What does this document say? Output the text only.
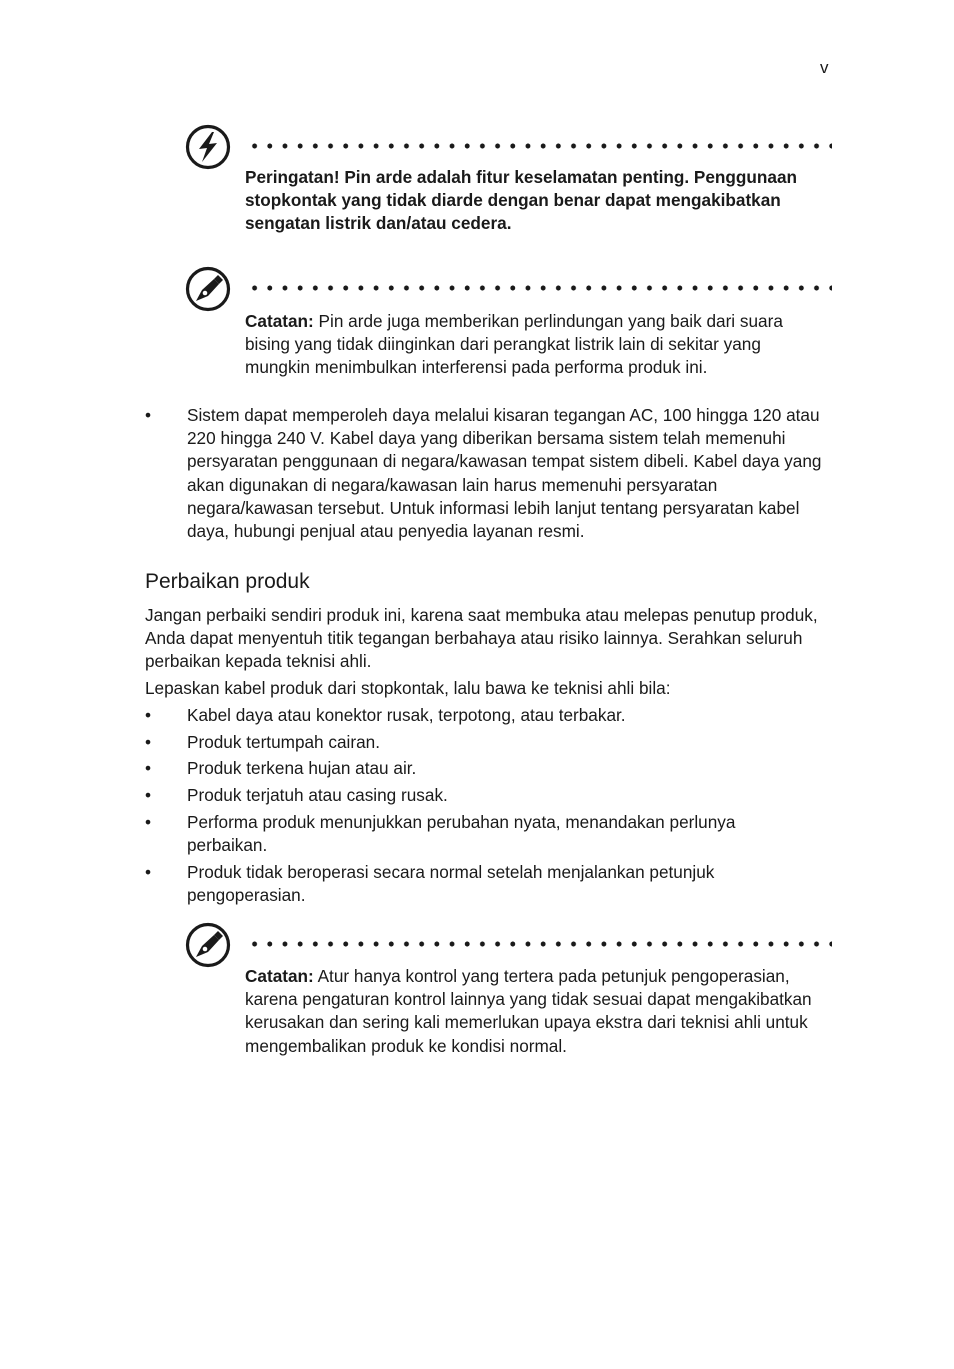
v
Peringatan! Pin arde adalah fitur keselamatan penting. Penggunaan stopkontak yang tidak diarde dengan benar dapat mengakibatkan sengatan listrik dan/atau cedera.
Catatan: Pin arde juga memberikan perlindungan yang baik dari suara bising yang tidak diinginkan dari perangkat listrik lain di sekitar yang mungkin menimbulkan interferensi pada performa produk ini.
• Sistem dapat memperoleh daya melalui kisaran tegangan AC, 100 hingga 120 atau 220 hingga 240 V. Kabel daya yang diberikan bersama sistem telah memenuhi persyaratan penggunaan di negara/kawasan tempat sistem dibeli. Kabel daya yang akan digunakan di negara/kawasan lain harus memenuhi persyaratan negara/kawasan tersebut. Untuk informasi lebih lanjut tentang persyaratan kabel daya, hubungi penjual atau penyedia layanan resmi.
Perbaikan produk

Jangan perbaiki sendiri produk ini, karena saat membuka atau melepas penutup produk, Anda dapat menyentuh titik tegangan berbahaya atau risiko lainnya. Serahkan seluruh perbaikan kepada teknisi ahli.

Lepaskan kabel produk dari stopkontak, lalu bawa ke teknisi ahli bila:

• Kabel daya atau konektor rusak, terpotong, atau terbakar.
• Produk tertumpah cairan.
• Produk terkena hujan atau air.
• Produk terjatuh atau casing rusak.
• Performa produk menunjukkan perubahan nyata, menandakan perlunya perbaikan.
• Produk tidak beroperasi secara normal setelah menjalankan petunjuk pengoperasian.
Catatan: Atur hanya kontrol yang tertera pada petunjuk pengoperasian, karena pengaturan kontrol lainnya yang tidak sesuai dapat mengakibatkan kerusakan dan sering kali memerlukan upaya ekstra dari teknisi ahli untuk mengembalikan produk ke kondisi normal.
